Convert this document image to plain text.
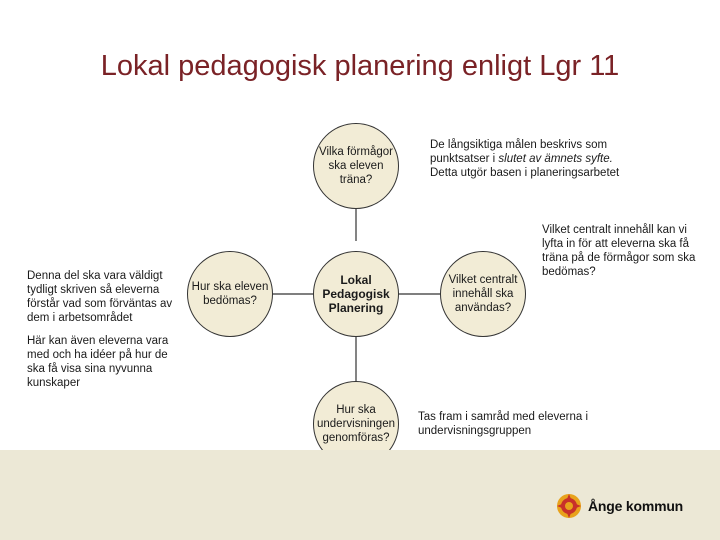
Lokal pedagogisk planering enligt Lgr 11
Vilka förmågor ska eleven träna?
Hur ska eleven bedömas?
Lokal Pedagogisk Planering
Vilket centralt innehåll ska användas?
Hur ska undervisningen genomföras?
De långsiktiga målen beskrivs som punktsatser i slutet av ämnets syfte.
Detta utgör basen i planeringsarbetet
Vilket centralt innehåll kan vi lyfta in för att eleverna ska få träna på de förmågor som ska bedömas?
Denna del ska vara väldigt tydligt skriven så eleverna förstår vad som förväntas av dem i arbetsområdet
Här kan även eleverna vara med och ha idéer på hur de ska få visa sina nyvunna kunskaper
Tas fram i samråd med eleverna i undervisningsgruppen
Ånge kommun
